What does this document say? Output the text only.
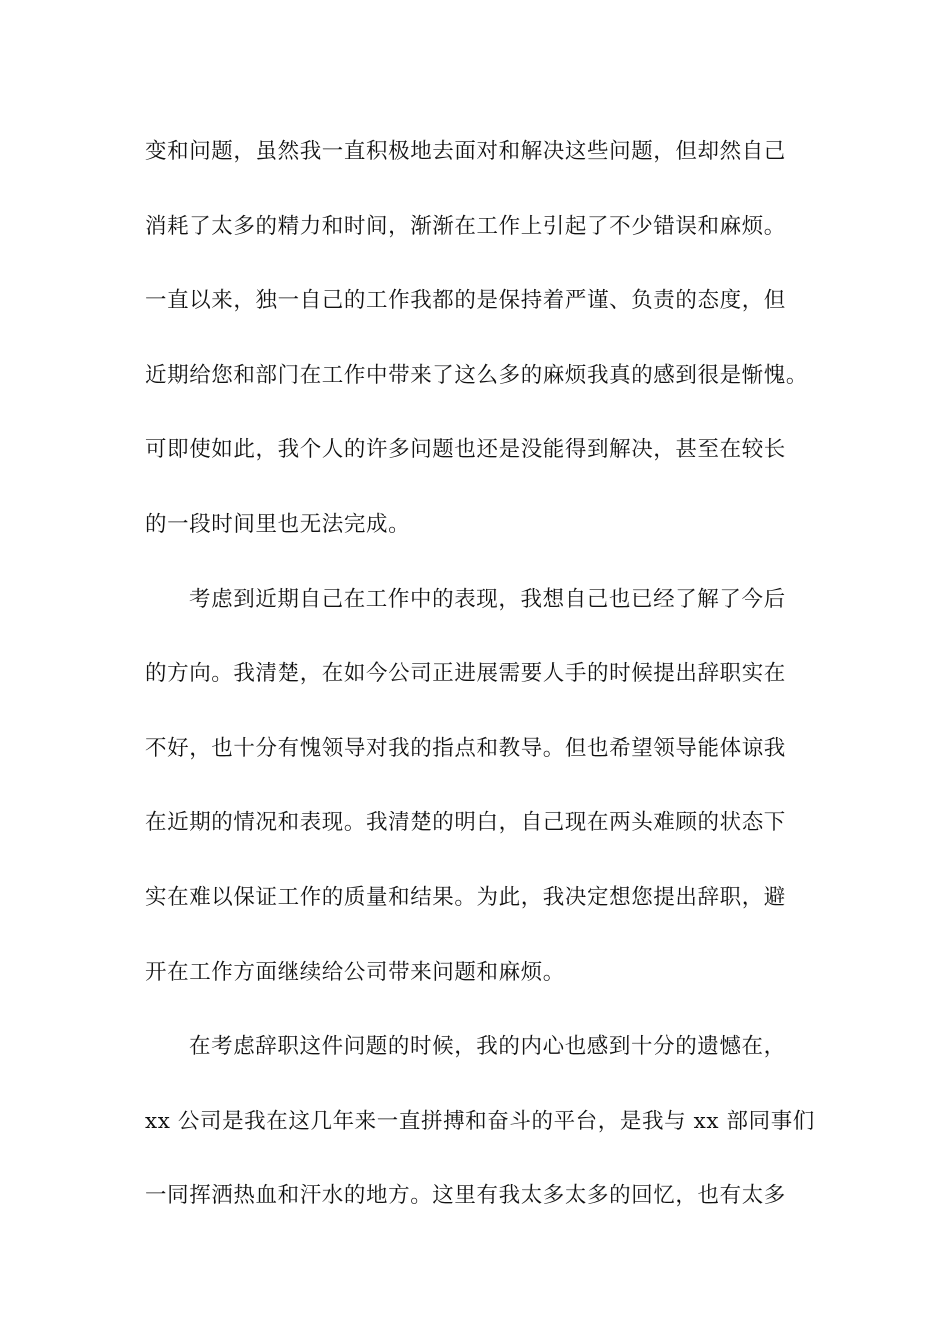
变和问题，虽然我一直积极地去面对和解决这些问题，但却然自己
消耗了太多的精力和时间，渐渐在工作上引起了不少错误和麻烦。
一直以来，独一自己的工作我都的是保持着严谨、负责的态度，但
近期给您和部门在工作中带来了这么多的麻烦我真的感到很是惭愧。
可即使如此，我个人的许多问题也还是没能得到解决，甚至在较长
的一段时间里也无法完成。
考虑到近期自己在工作中的表现，我想自己也已经了解了今后
的方向。我清楚，在如今公司正进展需要人手的时候提出辞职实在
不好，也十分有愧领导对我的指点和教导。但也希望领导能体谅我
在近期的情况和表现。我清楚的明白，自己现在两头难顾的状态下
实在难以保证工作的质量和结果。为此，我决定想您提出辞职，避
开在工作方面继续给公司带来问题和麻烦。
在考虑辞职这件问题的时候，我的内心也感到十分的遗憾在，
xx 公司是我在这几年来一直拼搏和奋斗的平台，是我与 xx 部同事们
一同挥洒热血和汗水的地方。这里有我太多太多的回忆，也有太多
